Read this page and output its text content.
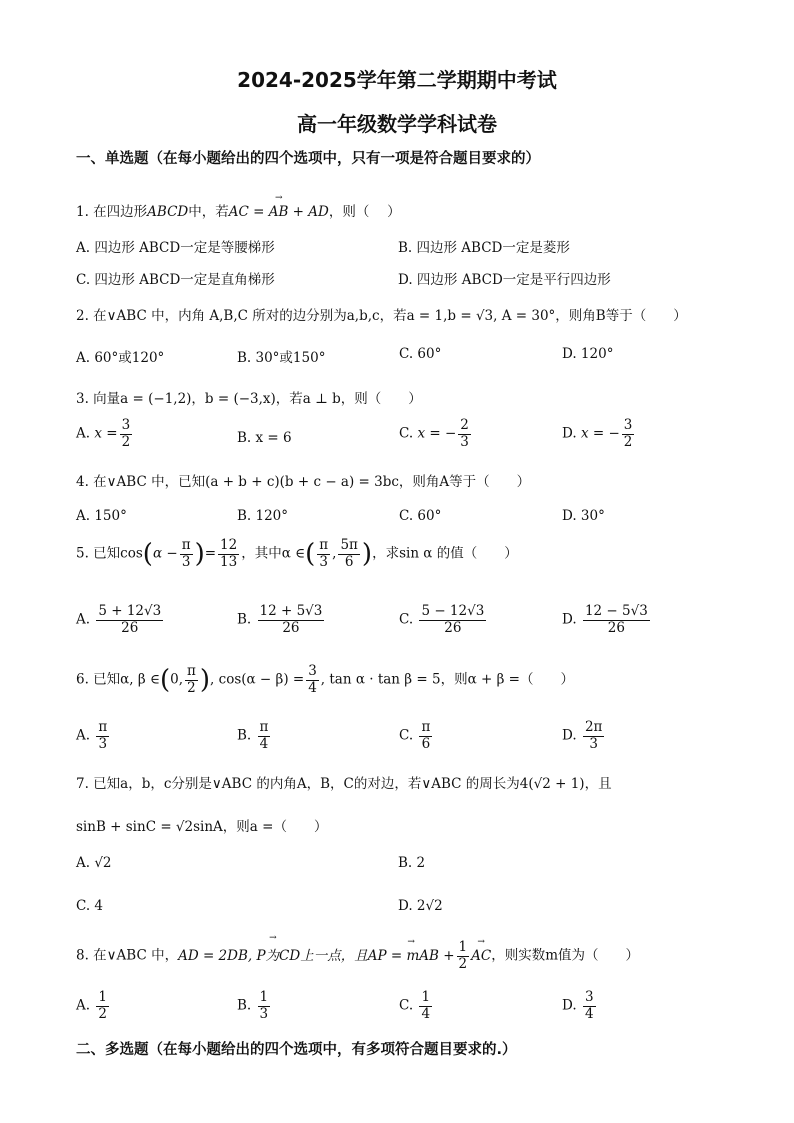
2024-2025学年第二学期期中考试
高一年级数学学科试卷
一、单选题（在每小题给出的四个选项中，只有一项是符合题目要求的）
1. 在四边形ABCD中，若→ AC = AB + AD，则（　 ）
A. 四边形 ABCD一定是等腰梯形	B. 四边形 ABCD一定是菱形
C. 四边形 ABCD一定是直角梯形	D. 四边形 ABCD一定是平行四边形
2. 在∨ABC 中，内角 A,B,C 所对的边分别为a,b,c，若a = 1,b = √3, A = 30°，则角B等于（　　）
A. 60°或120°	B. 30°或150°	C. 60°	D. 120°
3. 向量a = (−1,2)，b = (−3,x)，若a ⊥ b，则（　　）
A. $x = \frac{3}{2}$	B. x = 6	C. x = − $\frac{2}{3}$	D. x = − $\frac{3}{2}$
4. 在∨ABC 中，已知(a + b + c)(b + c − a) = 3bc，则角A等于（　　）
A. 150°	B. 120°	C. 60°	D. 30°
5. 已知$\cos(\alpha - \frac{\pi}{3}$ )= $\frac{12}{13}$ ，其中α ∈( $\frac{\pi}{3}$ , $\frac{5\pi}{6}$ )，求sin α 的值（　　）
A. $\frac{5 + 12√3}{26}$	B. $\frac{12 + 5√3}{26}$	C. $\frac{5 - 12√3}{26}$	D. $\frac{12 - 5√3}{26}$
6. 已知α, β ∈(0, $\frac{\pi}{2}$ ), $\cos(\alpha - \beta) = \frac{3}{4}$ , tan α · tan β = 5，则α + β =（　　）
A. $\frac{\pi}{3}$	B. $\frac{\pi}{4}$	C. $\frac{\pi}{6}$	D. $\frac{2\pi}{3}$
7. 已知a，b，c分别是∨ABC 的内角A，B，C的对边，若∨ABC 的周长为4(√2 + 1)，且
sinB + sinC = √2sinA，则a =（　　）
A. √2	B. 2
C. 4	D. 2√2
8. 在∨ABC 中，→ AD = 2DB, P为CD上一点，且→ AP = mAB + $\frac{1}{2}$
→ AC，则实数m值为（　　）
A. $\frac{1}{2}$	B. $\frac{1}{3}$	C. $\frac{1}{4}$	D. $\frac{3}{4}$
二、多选题（在每小题给出的四个选项中，有多项符合题目要求的.）
